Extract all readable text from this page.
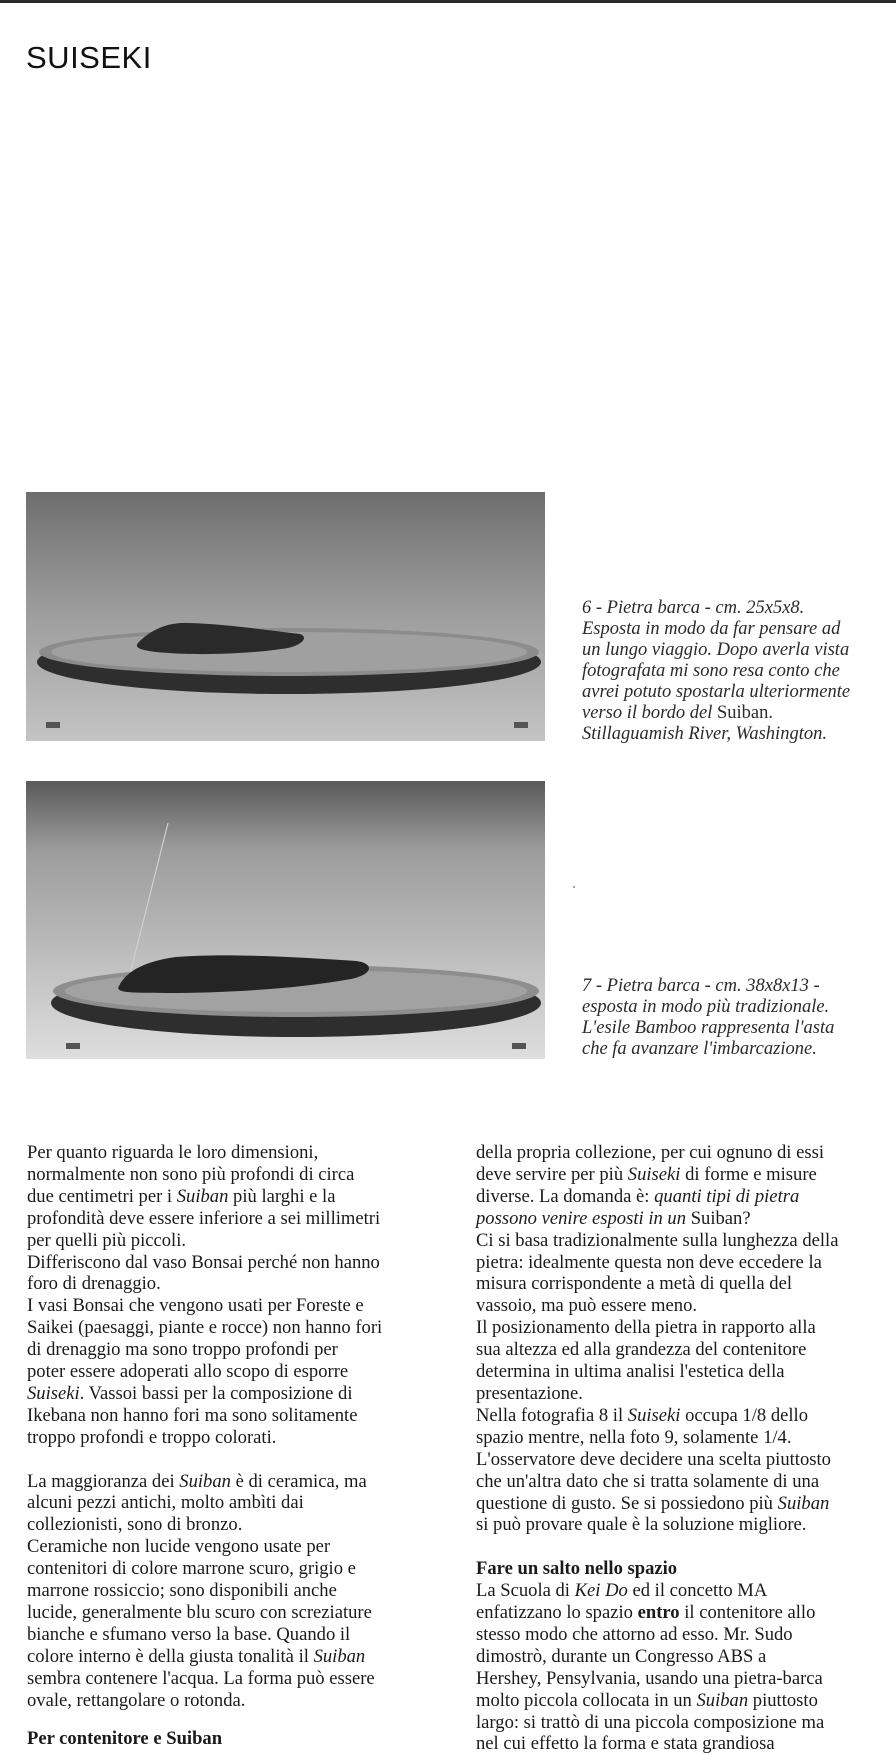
SUISEKI
6 - Pietra barca - cm. 25x5x8.
Esposta in modo da far pensare ad
un lungo viaggio. Dopo averla vista
fotografata mi sono resa conto che
avrei potuto spostarla ulteriormente
verso il bordo del Suiban.
Stillaguamish River, Washington.
7 - Pietra barca - cm. 38x8x13 -
esposta in modo più tradizionale.
L'esile Bamboo rappresenta l'asta
che fa avanzare l'imbarcazione.

Per quanto riguarda le loro dimensioni,
normalmente non sono più profondi di circa
due centimetri per i Suiban più larghi e la
profondità deve essere inferiore a sei millimetri
per quelli più piccoli.

Differiscono dal vaso Bonsai perché non hanno
foro di drenaggio.

I vasi Bonsai che vengono usati per Foreste e
Saikei (paesaggi, piante e rocce) non hanno fori
di drenaggio ma sono troppo profondi per
poter essere adoperati allo scopo di esporre
Suiseki. Vassoi bassi per la composizione di
Ikebana non hanno fori ma sono solitamente
troppo profondi e troppo colorati.

La maggioranza dei Suiban è di ceramica, ma
alcuni pezzi antichi, molto ambìti dai
collezionisti, sono di bronzo.

Ceramiche non lucide vengono usate per
contenitori di colore marrone scuro, grigio e
marrone rossiccio; sono disponibili anche
lucide, generalmente blu scuro con screziature
bianche e sfumano verso la base. Quando il
colore interno è della giusta tonalità il Suiban
sembra contenere l'acqua. La forma può essere
ovale, rettangolare o rotonda.

Per contenitore e Suiban

della propria collezione, per cui ognuno di essi
deve servire per più Suiseki di forme e misure
diverse. La domanda è: quanti tipi di pietra
possono venire esposti in un Suiban?

Ci si basa tradizionalmente sulla lunghezza della
pietra: idealmente questa non deve eccedere la
misura corrispondente a metà di quella del
vassoio, ma può essere meno.

Il posizionamento della pietra in rapporto alla
sua altezza ed alla grandezza del contenitore
determina in ultima analisi l'estetica della
presentazione.

Nella fotografia 8 il Suiseki occupa 1/8 dello
spazio mentre, nella foto 9, solamente 1/4.
L'osservatore deve decidere una scelta piuttosto
che un'altra dato che si tratta solamente di una
questione di gusto. Se si possiedono più Suiban
si può provare quale è la soluzione migliore.

Fare un salto nello spazio

La Scuola di Kei Do ed il concetto MA
enfatizzano lo spazio entro il contenitore allo
stesso modo che attorno ad esso. Mr. Sudo
dimostrò, durante un Congresso ABS a
Hershey, Pensylvania, usando una pietra-barca
molto piccola collocata in un Suiban piuttosto
largo: si trattò di una piccola composizione ma
nel cui effetto la forma e stata grandiosa
